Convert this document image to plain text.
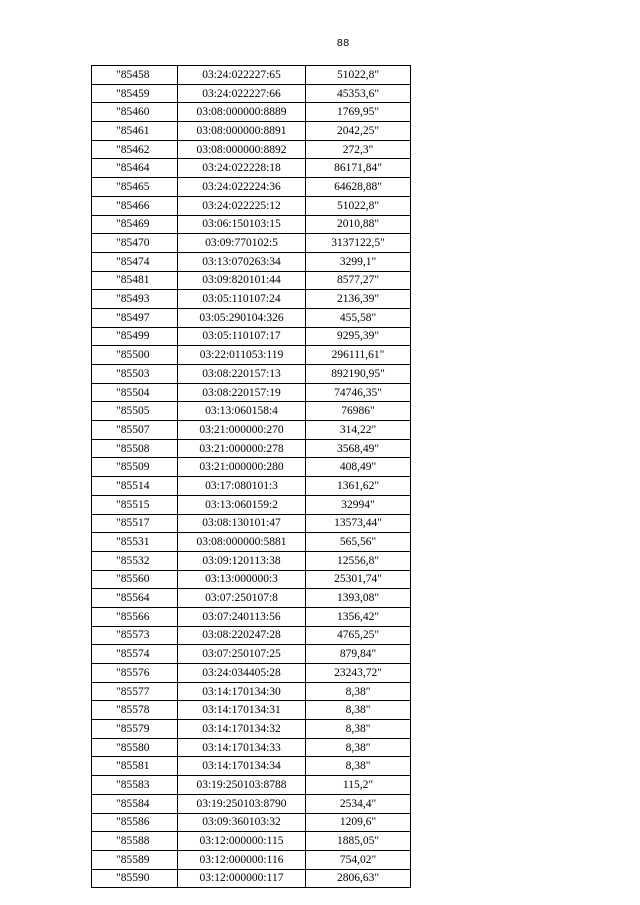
88
"85458	03:24:022227:65	51022,8"
"85459	03:24:022227:66	45353,6"
"85460	03:08:000000:8889	1769,95"
"85461	03:08:000000:8891	2042,25"
"85462	03:08:000000:8892	272,3"
"85464	03:24:022228:18	86171,84"
"85465	03:24:022224:36	64628,88"
"85466	03:24:022225:12	51022,8"
"85469	03:06:150103:15	2010,88"
"85470	03:09:770102:5	3137122,5"
"85474	03:13:070263:34	3299,1"
"85481	03:09:820101:44	8577,27"
"85493	03:05:110107:24	2136,39"
"85497	03:05:290104:326	455,58"
"85499	03:05:110107:17	9295,39"
"85500	03:22:011053:119	296111,61"
"85503	03:08:220157:13	892190,95"
"85504	03:08:220157:19	74746,35"
"85505	03:13:060158:4	76986"
"85507	03:21:000000:270	314,22"
"85508	03:21:000000:278	3568,49"
"85509	03:21:000000:280	408,49"
"85514	03:17:080101:3	1361,62"
"85515	03:13:060159:2	32994"
"85517	03:08:130101:47	13573,44"
"85531	03:08:000000:5881	565,56"
"85532	03:09:120113:38	12556,8"
"85560	03:13:000000:3	25301,74"
"85564	03:07:250107:8	1393,08"
"85566	03:07:240113:56	1356,42"
"85573	03:08:220247:28	4765,25"
"85574	03:07:250107:25	879,84"
"85576	03:24:034405:28	23243,72"
"85577	03:14:170134:30	8,38"
"85578	03:14:170134:31	8,38"
"85579	03:14:170134:32	8,38"
"85580	03:14:170134:33	8,38"
"85581	03:14:170134:34	8,38"
"85583	03:19:250103:8788	115,2"
"85584	03:19:250103:8790	2534,4"
"85586	03:09:360103:32	1209,6"
"85588	03:12:000000:115	1885,05"
"85589	03:12:000000:116	754,02"
"85590	03:12:000000:117	2806,63"
